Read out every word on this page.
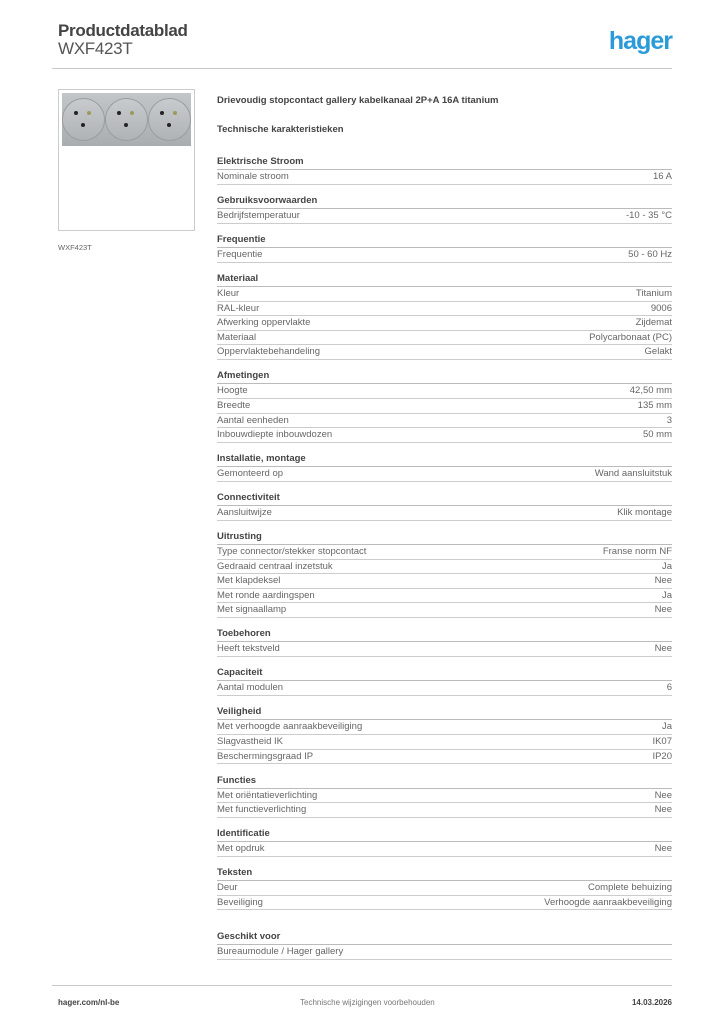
Productdatablad
WXF423T	hager
WXF423T
Drievoudig stopcontact gallery kabelkanaal 2P+A 16A titanium
Technische karakteristieken
Elektrische Stroom
Nominale stroom	16 A
Gebruiksvoorwaarden
Bedrijfstemperatuur	-10 - 35 °C
Frequentie
Frequentie	50 - 60 Hz
Materiaal
Kleur	Titanium
RAL-kleur	9006
Afwerking oppervlakte	Zijdemat
Materiaal	Polycarbonaat (PC)
Oppervlaktebehandeling	Gelakt
Afmetingen
Hoogte	42,50 mm
Breedte	135 mm
Aantal eenheden	3
Inbouwdiepte inbouwdozen	50 mm
Installatie, montage
Gemonteerd op	Wand aansluitstuk
Connectiviteit
Aansluitwijze	Klik montage
Uitrusting
Type connector/stekker stopcontact	Franse norm NF
Gedraaid centraal inzetstuk	Ja
Met klapdeksel	Nee
Met ronde aardingspen	Ja
Met signaallamp	Nee
Toebehoren
Heeft tekstveld	Nee
Capaciteit
Aantal modulen	6
Veiligheid
Met verhoogde aanraakbeveiliging	Ja
Slagvastheid IK	IK07
Beschermingsgraad IP	IP20
Functies
Met oriëntatieverlichting	Nee
Met functieverlichting	Nee
Identificatie
Met opdruk	Nee
Teksten
Deur	Complete behuizing
Beveiliging	Verhoogde aanraakbeveiliging
Geschikt voor
Bureaumodule / Hager gallery
hager.com/nl-be	Technische wijzigingen voorbehouden	14.03.2026
